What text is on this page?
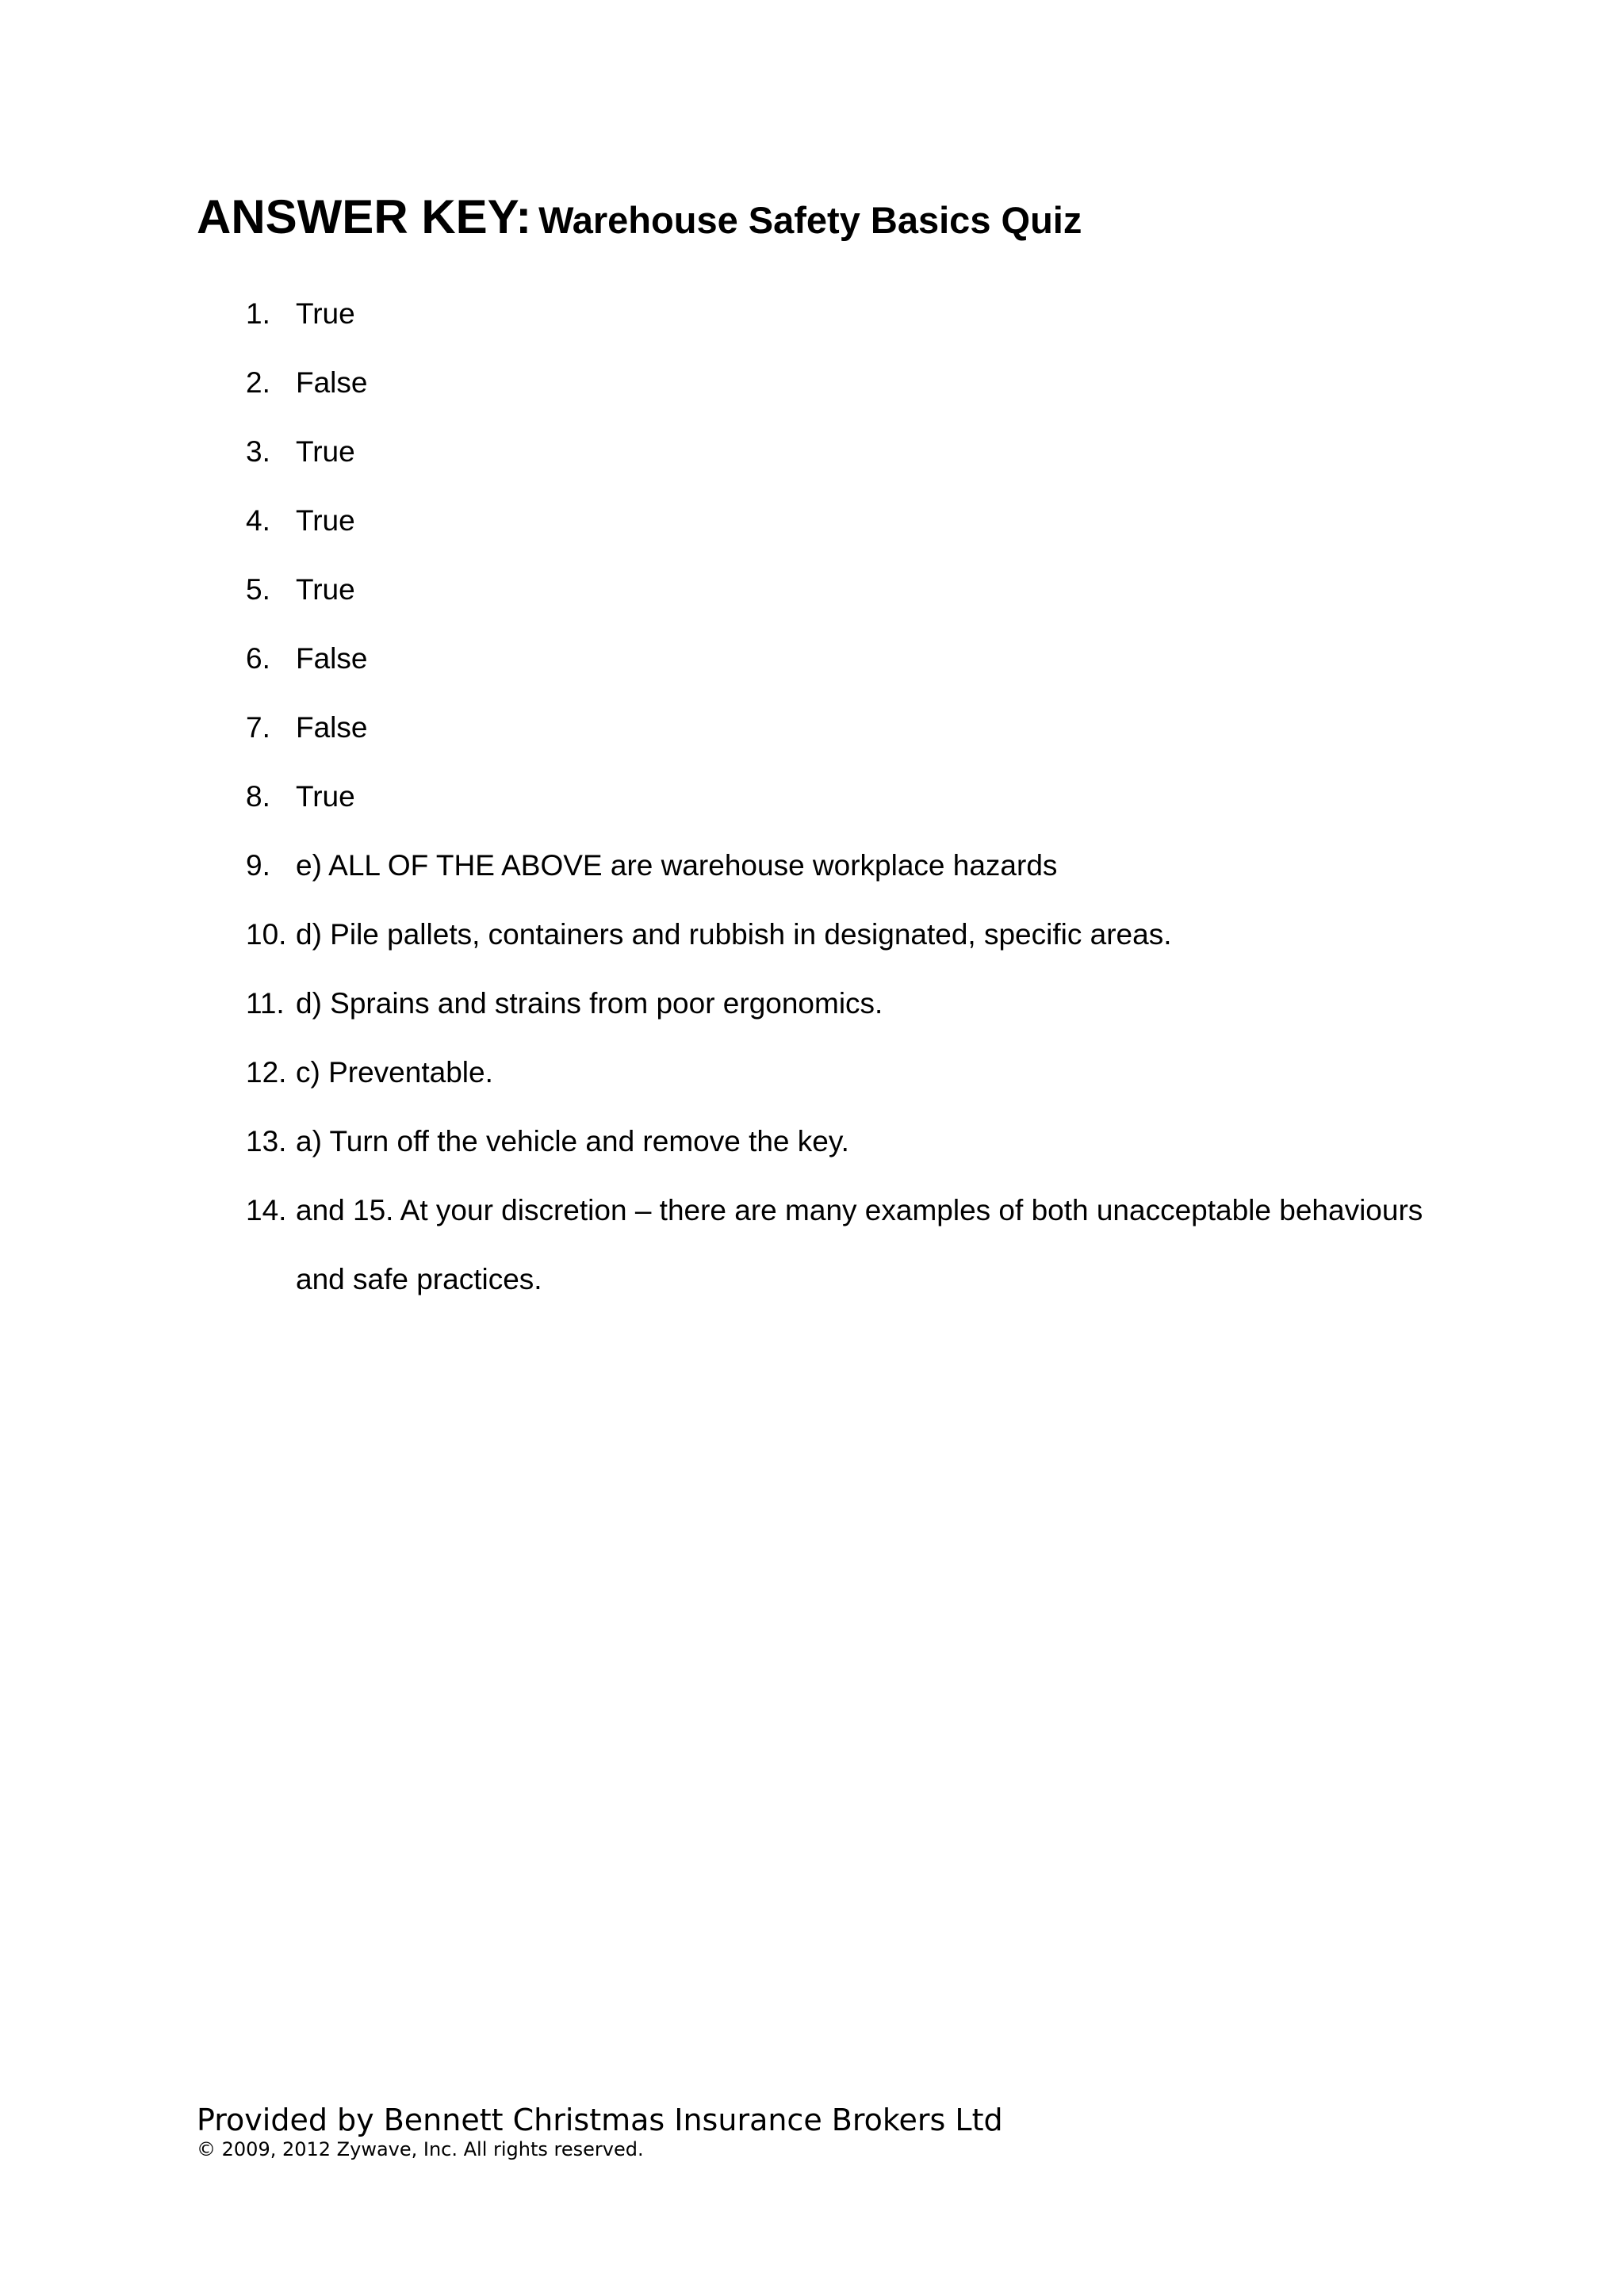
ANSWER KEY: Warehouse Safety Basics Quiz
1. True
2. False
3. True
4. True
5. True
6. False
7. False
8. True
9. e) ALL OF THE ABOVE are warehouse workplace hazards
10. d) Pile pallets, containers and rubbish in designated, specific areas.
11. d) Sprains and strains from poor ergonomics.
12. c) Preventable.
13. a) Turn off the vehicle and remove the key.
14. and 15. At your discretion – there are many examples of both unacceptable behaviours and safe practices.
Provided by Bennett Christmas Insurance Brokers Ltd
© 2009, 2012 Zywave, Inc. All rights reserved.
